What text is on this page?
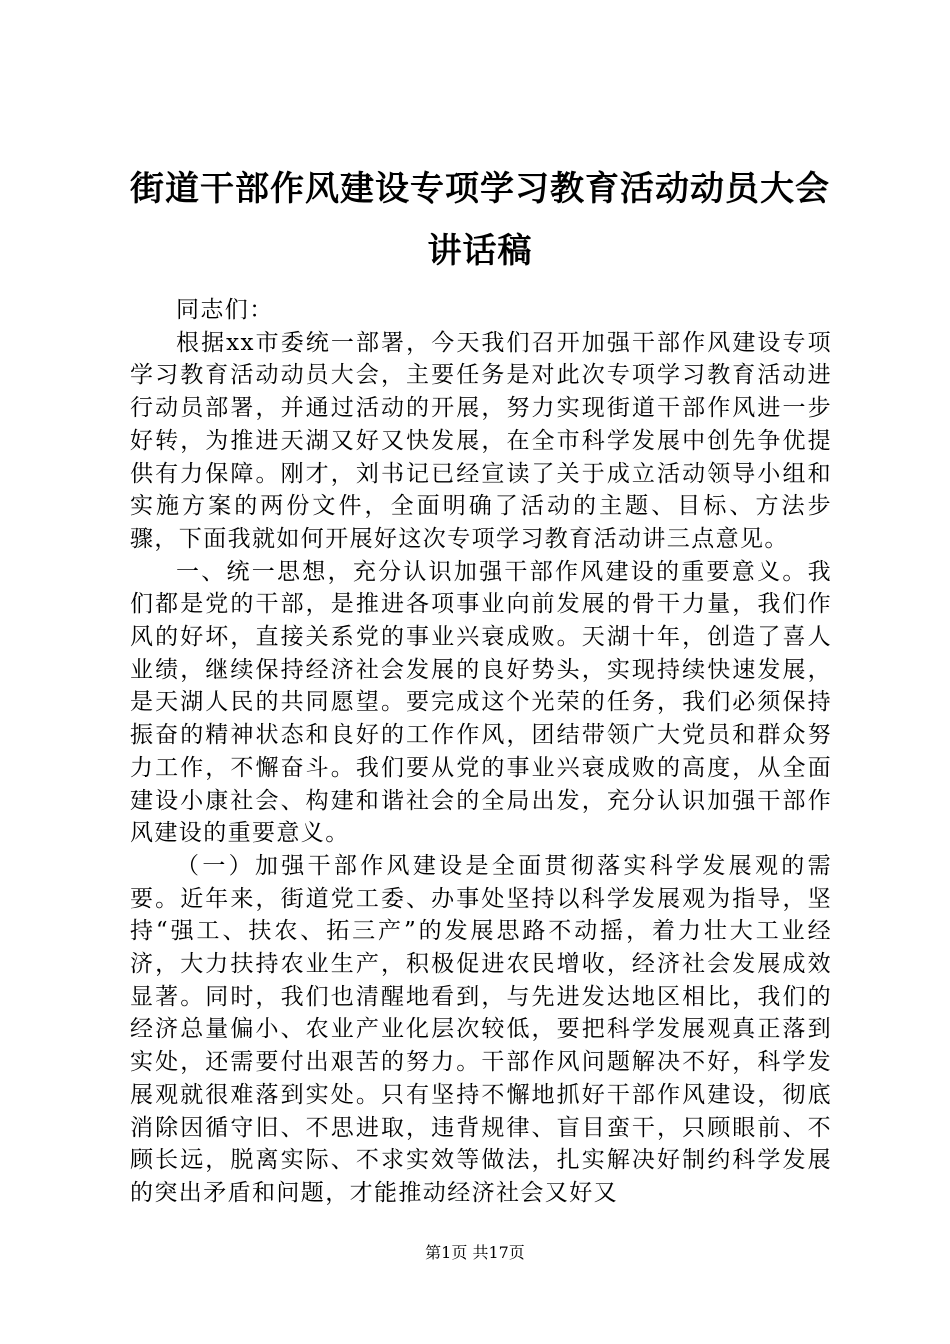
街道干部作风建设专项学习教育活动动员大会
讲话稿

同志们：

根据xx市委统一部署，今天我们召开加强干部作风建设专项学习教育活动动员大会，主要任务是对此次专项学习教育活动进行动员部署，并通过活动的开展，努力实现街道干部作风进一步好转，为推进天湖又好又快发展，在全市科学发展中创先争优提供有力保障。刚才，刘书记已经宣读了关于成立活动领导小组和实施方案的两份文件，全面明确了活动的主题、目标、方法步骤，下面我就如何开展好这次专项学习教育活动讲三点意见。

一、统一思想，充分认识加强干部作风建设的重要意义。我们都是党的干部，是推进各项事业向前发展的骨干力量，我们作风的好坏，直接关系党的事业兴衰成败。天湖十年，创造了喜人业绩，继续保持经济社会发展的良好势头，实现持续快速发展，是天湖人民的共同愿望。要完成这个光荣的任务，我们必须保持振奋的精神状态和良好的工作作风，团结带领广大党员和群众努力工作，不懈奋斗。我们要从党的事业兴衰成败的高度，从全面建设小康社会、构建和谐社会的全局出发，充分认识加强干部作风建设的重要意义。

（一）加强干部作风建设是全面贯彻落实科学发展观的需要。近年来，街道党工委、办事处坚持以科学发展观为指导，坚持“强工、扶农、拓三产”的发展思路不动摇，着力壮大工业经济，大力扶持农业生产，积极促进农民增收，经济社会发展成效显著。同时，我们也清醒地看到，与先进发达地区相比，我们的经济总量偏小、农业产业化层次较低，要把科学发展观真正落到实处，还需要付出艰苦的努力。干部作风问题解决不好，科学发展观就很难落到实处。只有坚持不懈地抓好干部作风建设，彻底消除因循守旧、不思进取，违背规律、盲目蛮干，只顾眼前、不顾长远，脱离实际、不求实效等做法，扎实解决好制约科学发展的突出矛盾和问题，才能推动经济社会又好又

第1页 共17页
